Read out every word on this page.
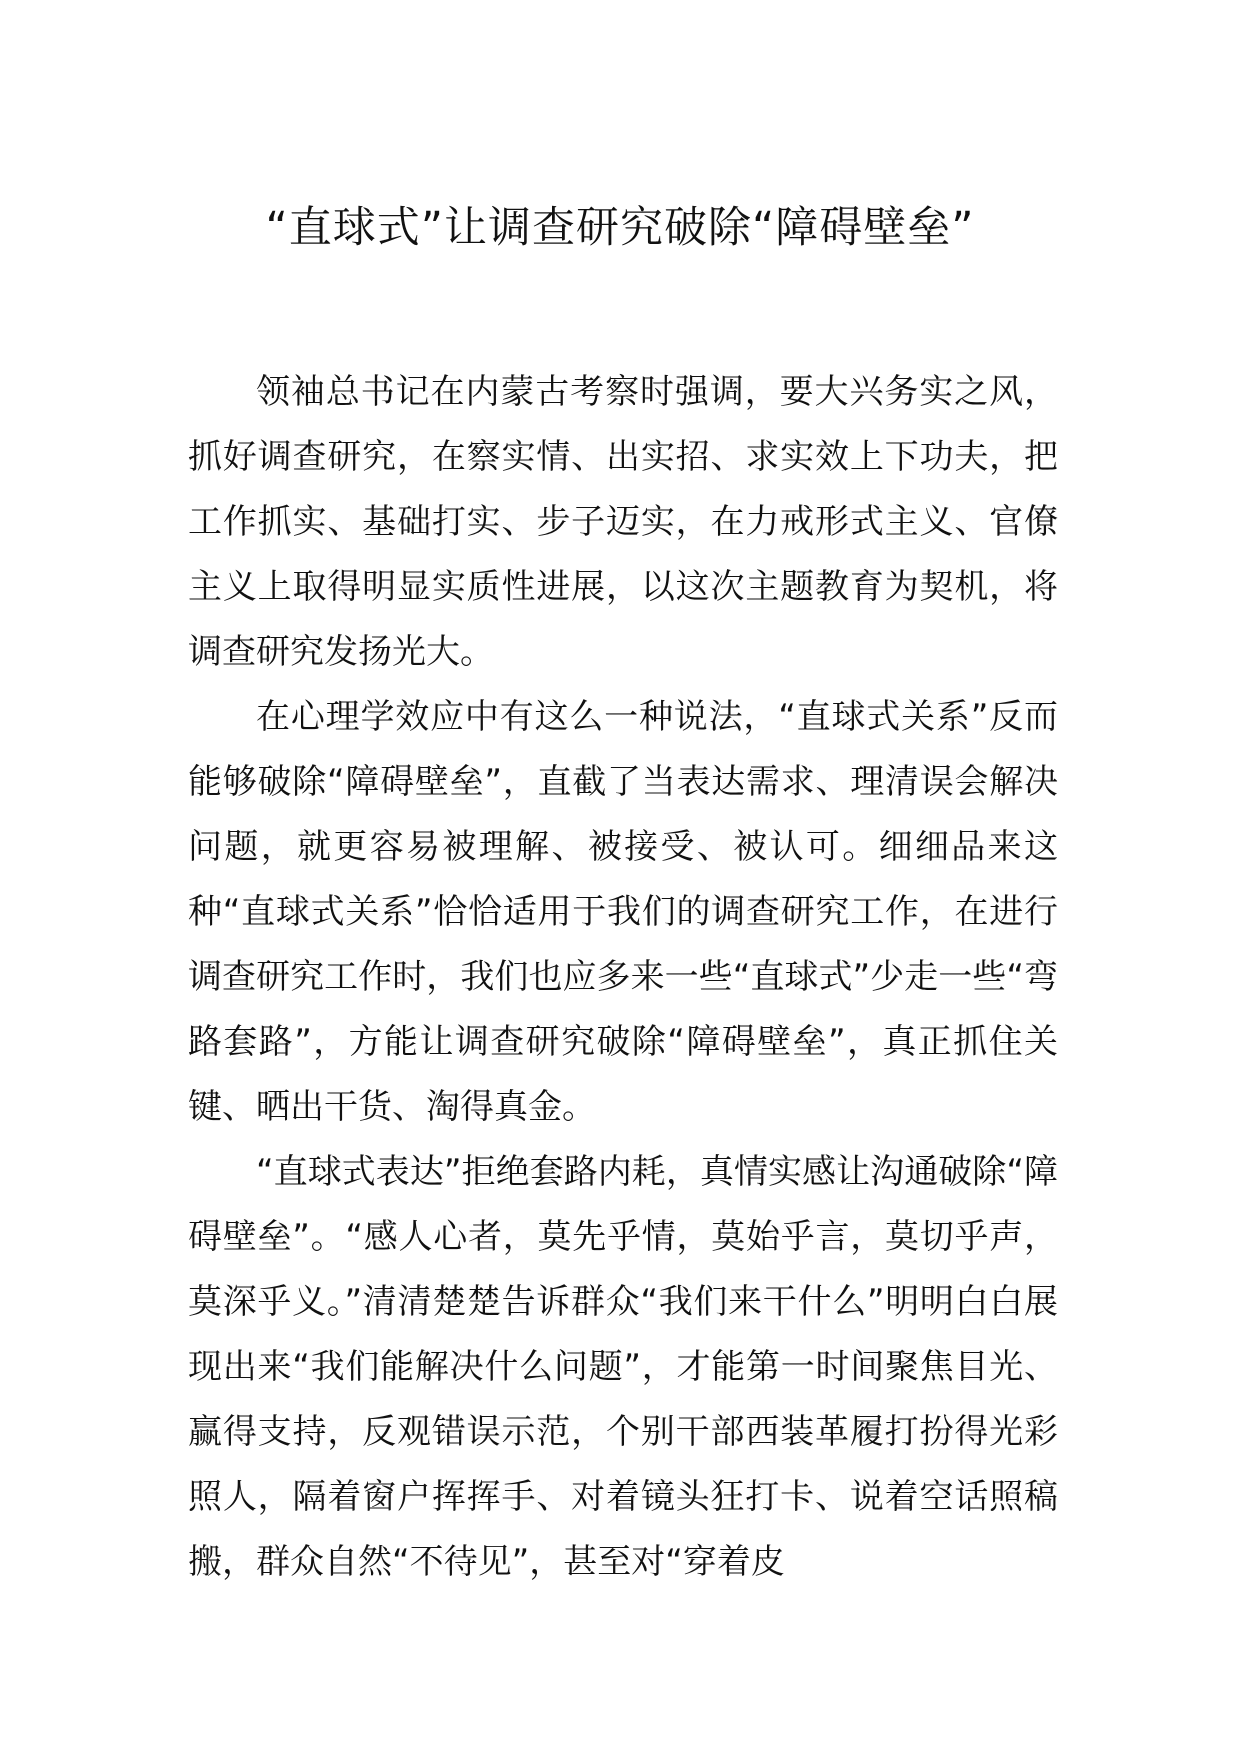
“直球式”让调查研究破除“障碍壁垒”

领袖总书记在内蒙古考察时强调，要大兴务实之风，抓好调查研究，在察实情、出实招、求实效上下功夫，把工作抓实、基础打实、步子迈实，在力戒形式主义、官僚主义上取得明显实质性进展，以这次主题教育为契机，将调查研究发扬光大。

在心理学效应中有这么一种说法，“直球式关系”反而能够破除“障碍壁垒”，直截了当表达需求、理清误会解决问题，就更容易被理解、被接受、被认可。细细品来这种“直球式关系”恰恰适用于我们的调查研究工作，在进行调查研究工作时，我们也应多来一些“直球式”少走一些“弯路套路”，方能让调查研究破除“障碍壁垒”，真正抓住关键、晒出干货、淘得真金。

“直球式表达”拒绝套路内耗，真情实感让沟通破除“障碍壁垒”。“感人心者，莫先乎情，莫始乎言，莫切乎声，莫深乎义。”清清楚楚告诉群众“我们来干什么”明明白白展现出来“我们能解决什么问题”，才能第一时间聚焦目光、赢得支持，反观错误示范，个别干部西装革履打扮得光彩照人，隔着窗户挥挥手、对着镜头狂打卡、说着空话照稿搬，群众自然“不待见”，甚至对“穿着皮
